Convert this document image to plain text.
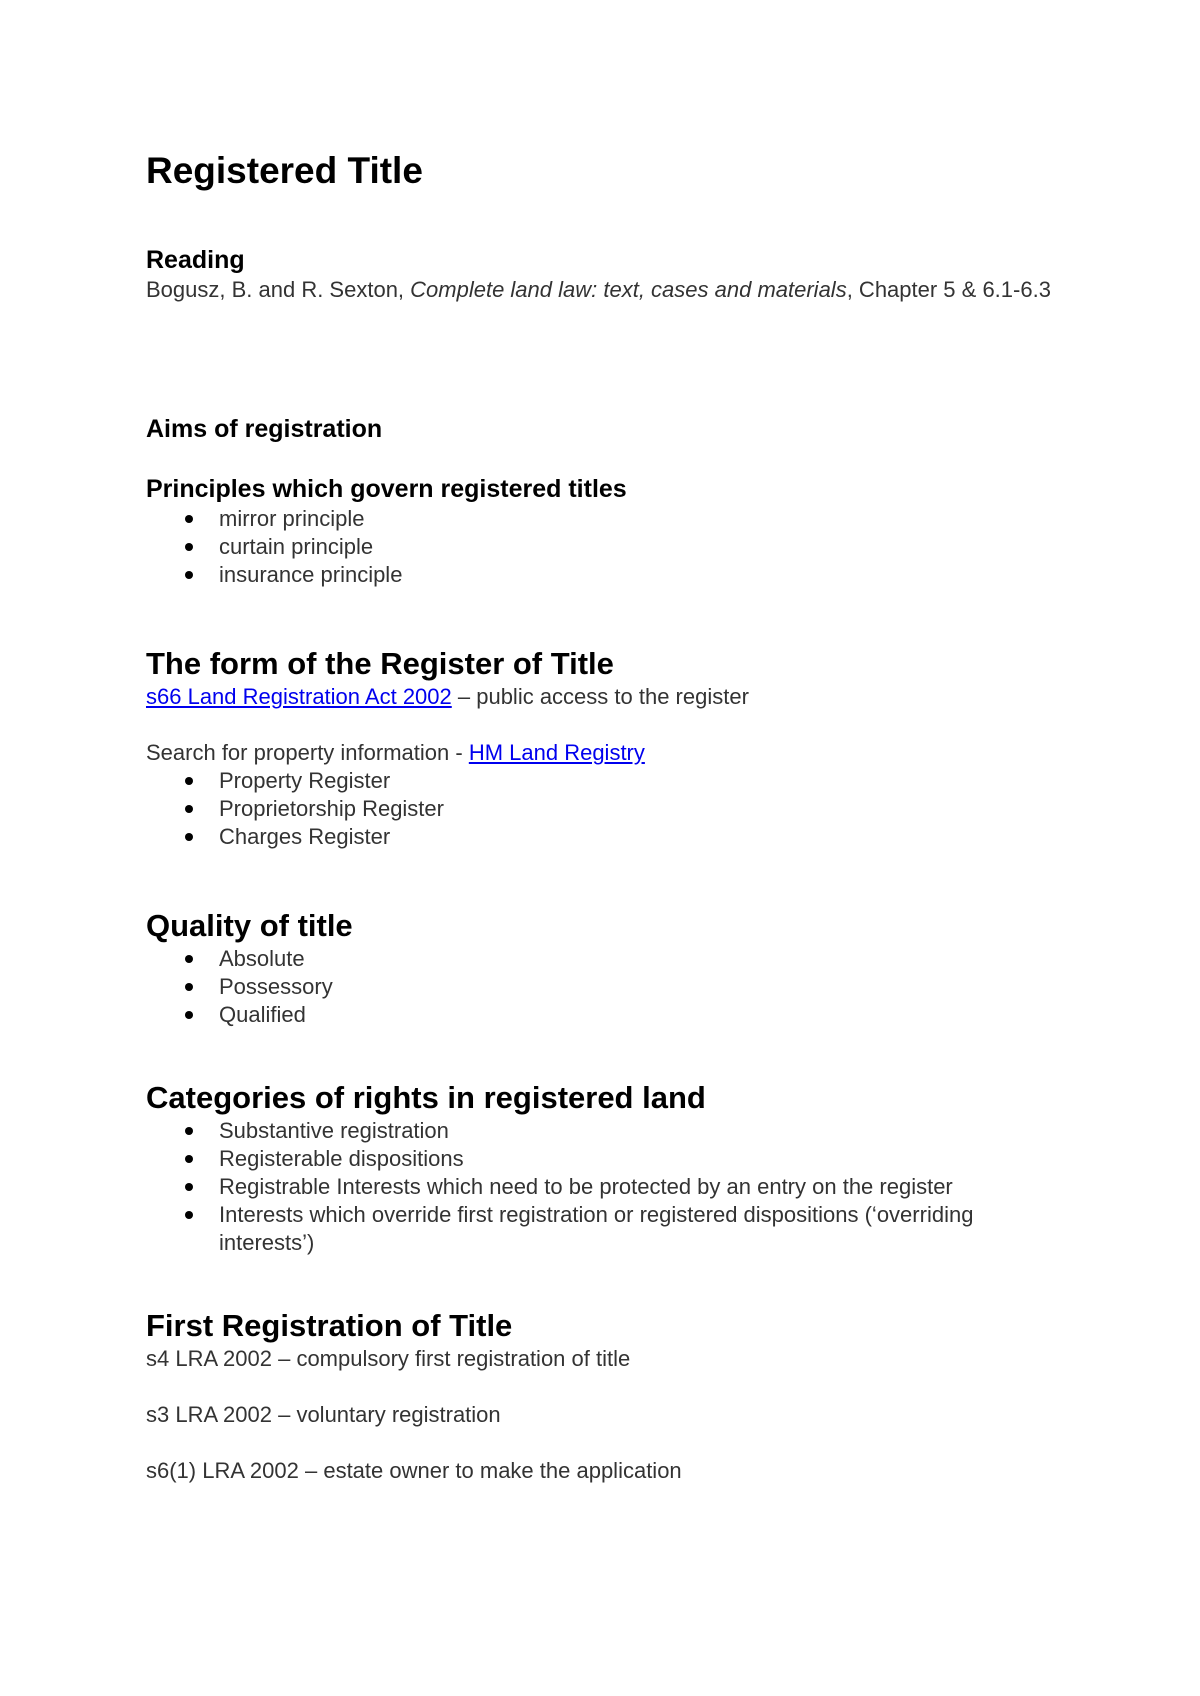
Registered Title
Reading

Bogusz, B. and R. Sexton, Complete land law: text, cases and materials, Chapter 5 & 6.1-6.3

Aims of registration
Principles which govern registered titles
mirror principle
curtain principle
insurance principle
The form of the Register of Title

s66 Land Registration Act 2002 – public access to the register

Search for property information - HM Land Registry

Property Register
Proprietorship Register
Charges Register
Quality of title
Absolute
Possessory
Qualified
Categories of rights in registered land
Substantive registration
Registerable dispositions
Registrable Interests which need to be protected by an entry on the register
Interests which override first registration or registered dispositions (‘overriding interests’)
First Registration of Title

s4 LRA 2002 – compulsory first registration of title

s3 LRA 2002 – voluntary registration

s6(1) LRA 2002 – estate owner to make the application
